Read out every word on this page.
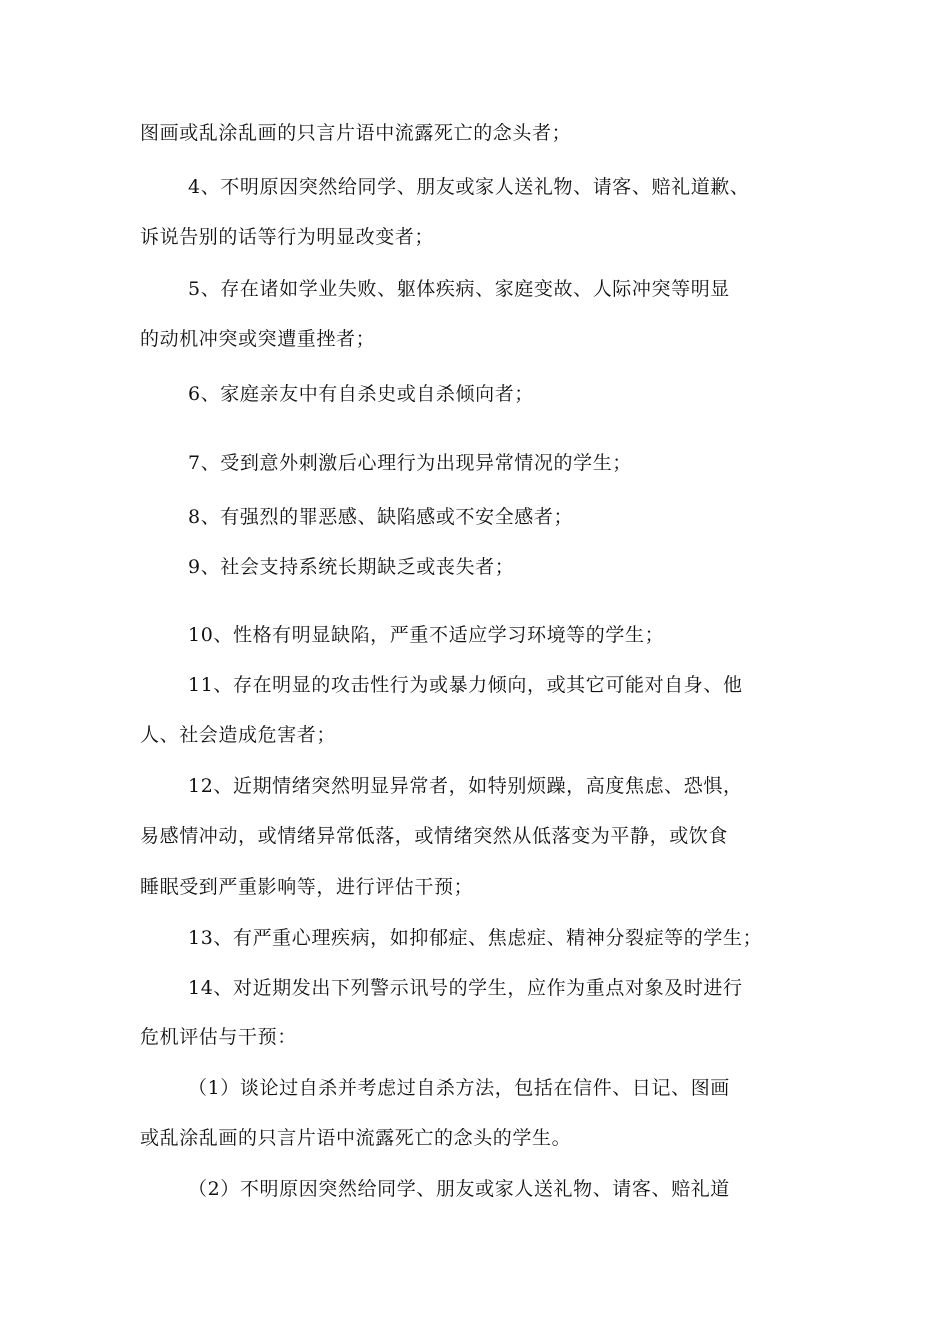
图画或乱涂乱画的只言片语中流露死亡的念头者；
4、不明原因突然给同学、朋友或家人送礼物、请客、赔礼道歉、
诉说告别的话等行为明显改变者；
5、存在诸如学业失败、躯体疾病、家庭变故、人际冲突等明显
的动机冲突或突遭重挫者；
6、家庭亲友中有自杀史或自杀倾向者；
7、受到意外刺激后心理行为出现异常情况的学生；
8、有强烈的罪恶感、缺陷感或不安全感者；
9、社会支持系统长期缺乏或丧失者；
10、性格有明显缺陷，严重不适应学习环境等的学生；
11、存在明显的攻击性行为或暴力倾向，或其它可能对自身、他
人、社会造成危害者；
12、近期情绪突然明显异常者，如特别烦躁，高度焦虑、恐惧，
易感情冲动，或情绪异常低落，或情绪突然从低落变为平静，或饮食
睡眠受到严重影响等，进行评估干预；
13、有严重心理疾病，如抑郁症、焦虑症、精神分裂症等的学生；
14、对近期发出下列警示讯号的学生，应作为重点对象及时进行
危机评估与干预：
（1）谈论过自杀并考虑过自杀方法，包括在信件、日记、图画
或乱涂乱画的只言片语中流露死亡的念头的学生。
（2）不明原因突然给同学、朋友或家人送礼物、请客、赔礼道
